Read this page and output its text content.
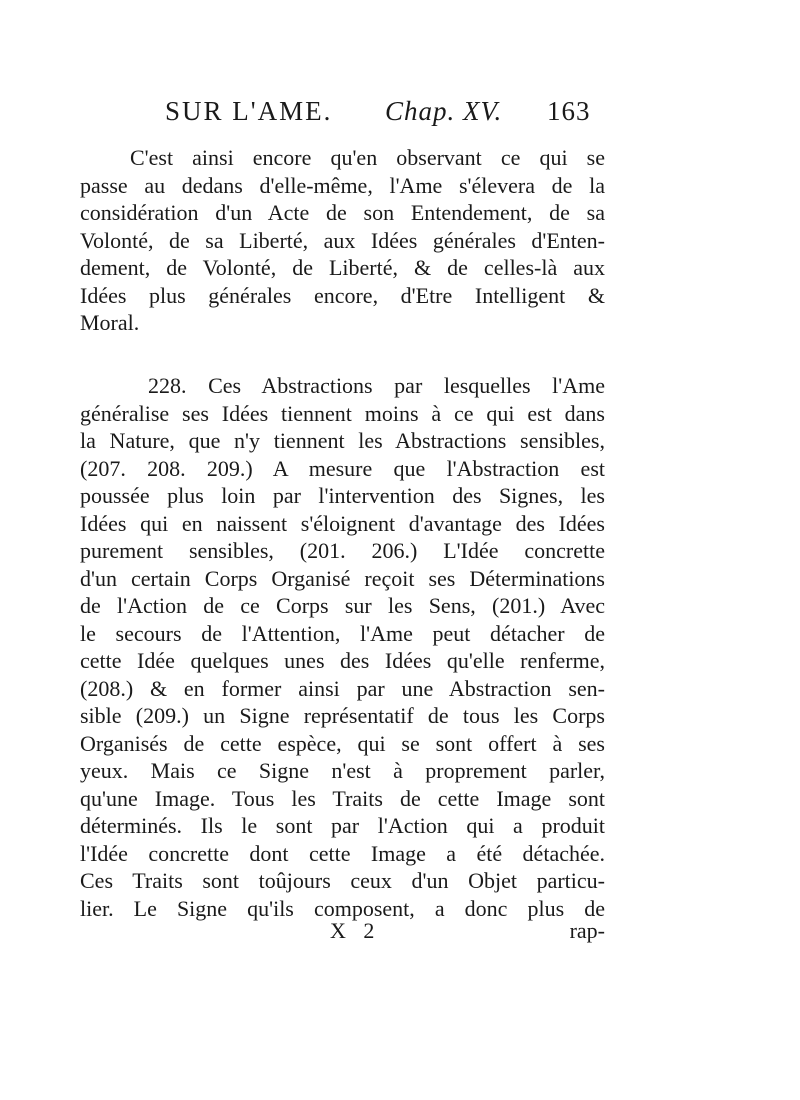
SUR L'AME. Chap. XV. 163
C'est ainsi encore qu'en observant ce qui se
passe au dedans d'elle-même, l'Ame s'élevera de la
considération d'un Acte de son Entendement, de sa
Volonté, de sa Liberté, aux Idées générales d'Enten-
dement, de Volonté, de Liberté, & de celles-là aux
Idées plus générales encore, d'Etre Intelligent &
Moral.
228. Ces Abstractions par lesquelles l'Ame
généralise ses Idées tiennent moins à ce qui est dans
la Nature, que n'y tiennent les Abstractions sensibles,
(207. 208. 209.) A mesure que l'Abstraction est
poussée plus loin par l'intervention des Signes, les
Idées qui en naissent s'éloignent d'avantage des Idées
purement sensibles, (201. 206.) L'Idée concrette
d'un certain Corps Organisé reçoit ses Déterminations
de l'Action de ce Corps sur les Sens, (201.) Avec
le secours de l'Attention, l'Ame peut détacher de
cette Idée quelques unes des Idées qu'elle renferme,
(208.) & en former ainsi par une Abstraction sen-
sible (209.) un Signe représentatif de tous les Corps
Organisés de cette espèce, qui se sont offert à ses
yeux. Mais ce Signe n'est à proprement parler,
qu'une Image. Tous les Traits de cette Image sont
déterminés. Ils le sont par l'Action qui a produit
l'Idée concrette dont cette Image a été détachée.
Ces Traits sont toûjours ceux d'un Objet particu-
lier. Le Signe qu'ils composent, a donc plus de
X 2	rap-
